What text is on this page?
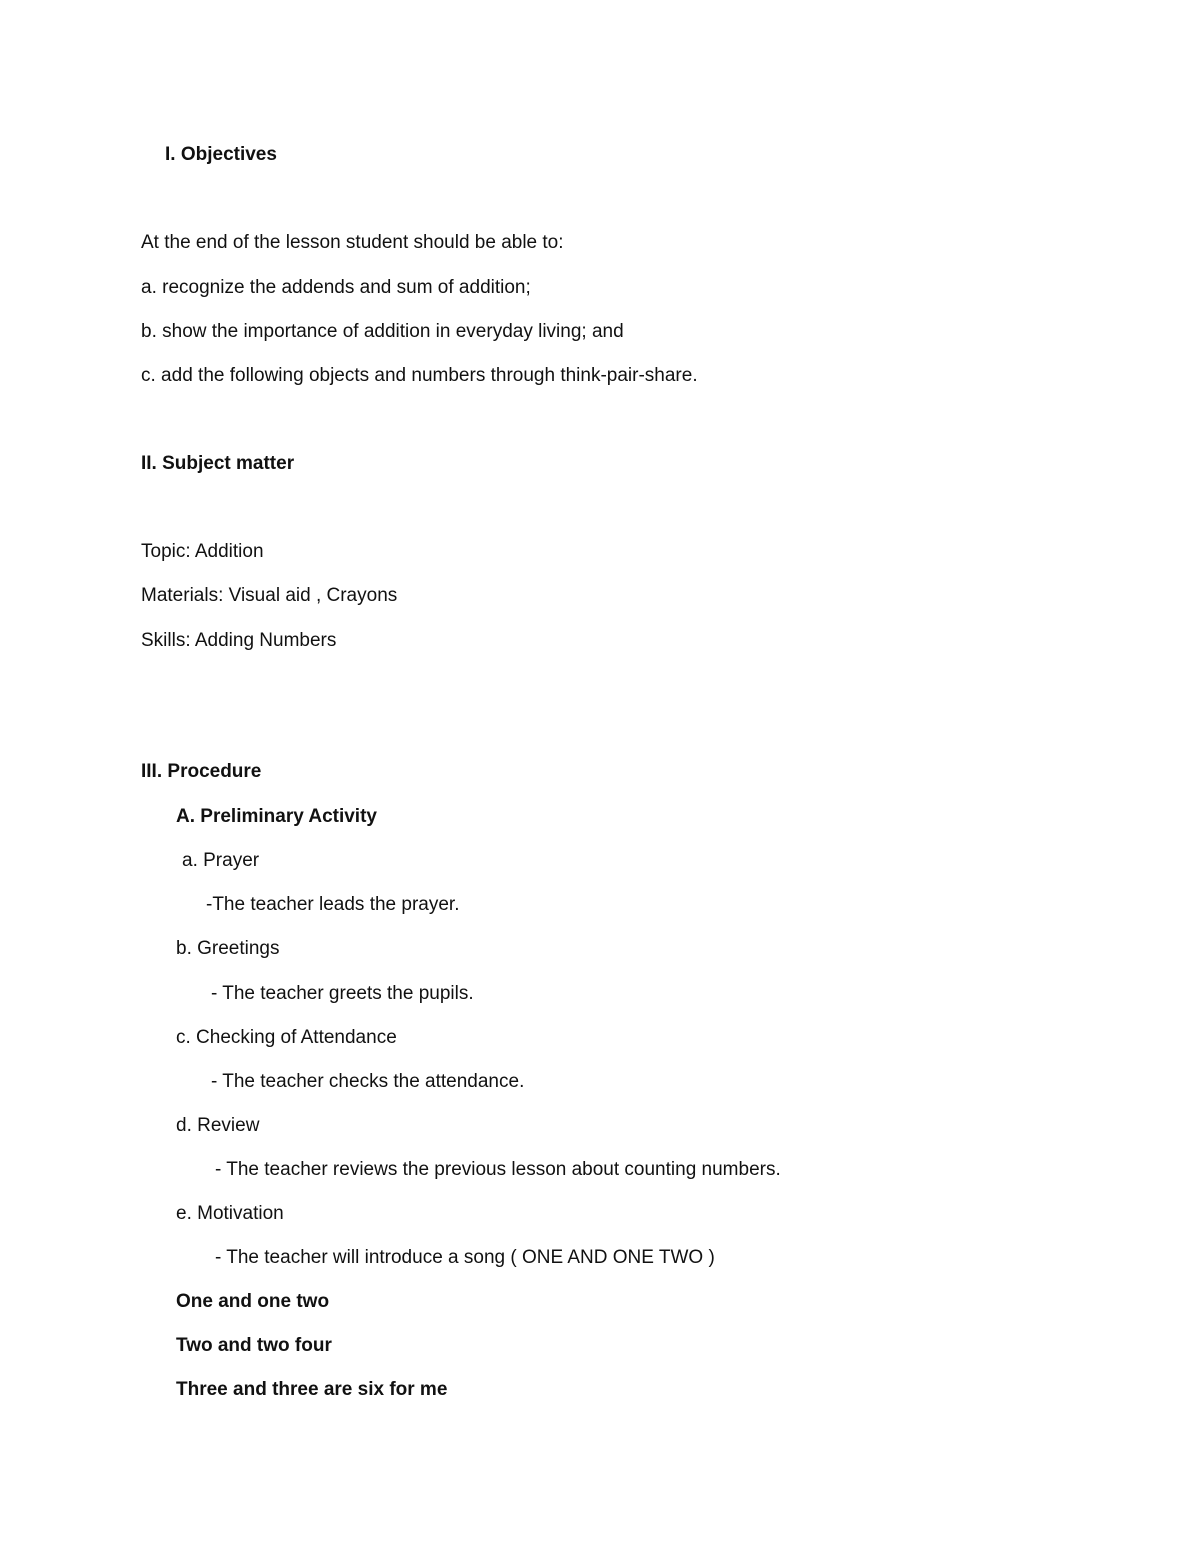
I. Objectives
At the end of the lesson student should be able to:
a. recognize the addends and sum of addition;
b. show the importance of addition in everyday living; and
c. add the following objects and numbers through think-pair-share.
II. Subject matter
Topic: Addition
Materials: Visual aid , Crayons
Skills: Adding Numbers
III. Procedure
A. Preliminary Activity
a. Prayer
-The teacher leads the prayer.
b. Greetings
- The teacher greets the pupils.
c. Checking of Attendance
- The teacher checks the attendance.
d. Review
- The teacher reviews the previous lesson about counting numbers.
e. Motivation
- The teacher will introduce a song ( ONE AND ONE TWO )
One and one two
Two and two four
Three and three are six for me
